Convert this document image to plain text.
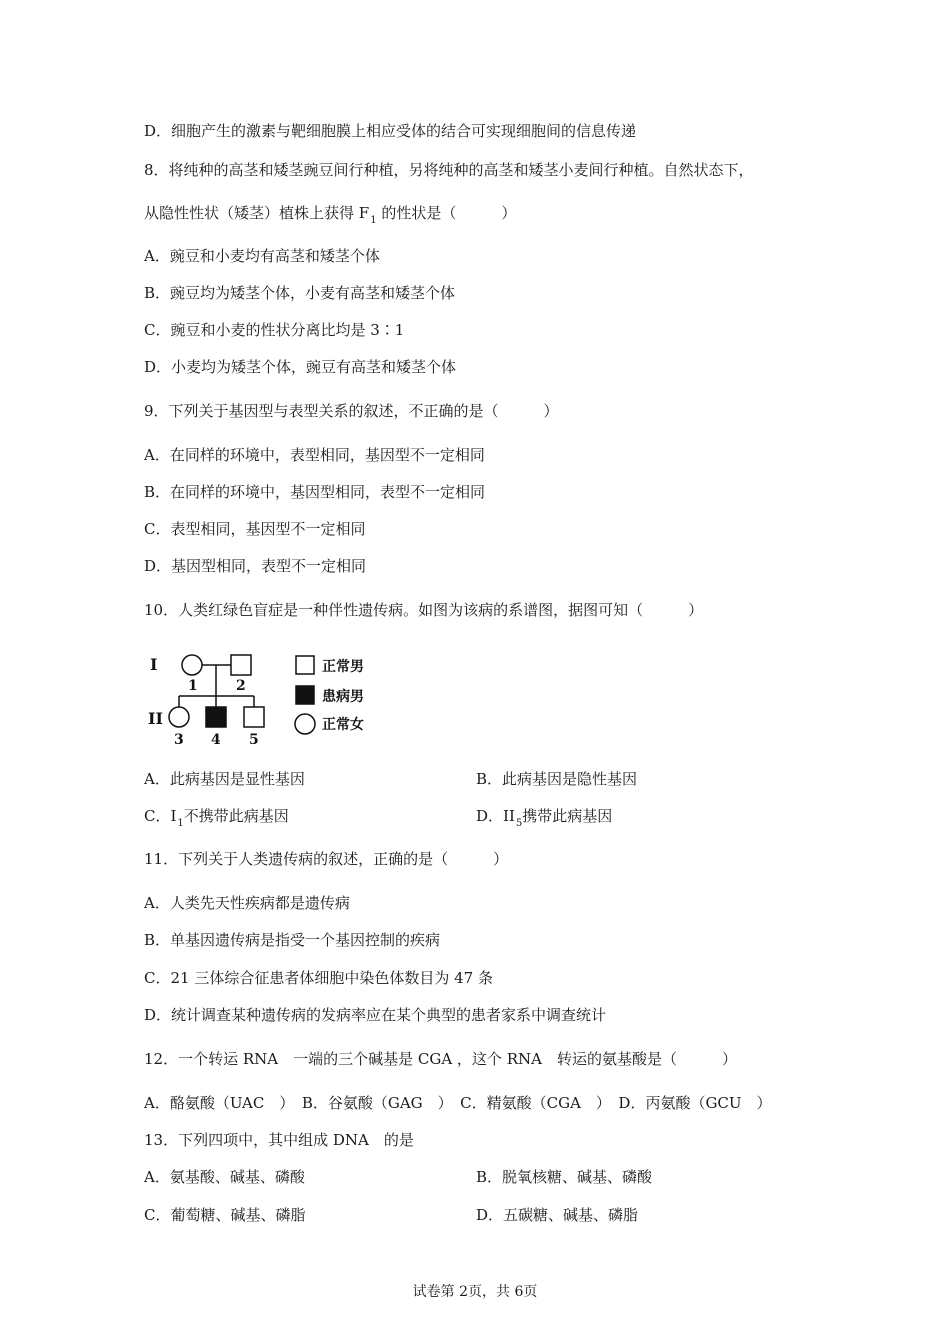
D．细胞产生的激素与靶细胞膜上相应受体的结合可实现细胞间的信息传递
8．将纯种的高茎和矮茎豌豆间行种植，另将纯种的高茎和矮茎小麦间行种植。自然状态下，
从隐性性状（矮茎）植株上获得 $F_1$ 的性状是（　　　）
A．豌豆和小麦均有高茎和矮茎个体
B．豌豆均为矮茎个体，小麦有高茎和矮茎个体
C．豌豆和小麦的性状分离比均是 3∶1
D．小麦均为矮茎个体，豌豆有高茎和矮茎个体
9．下列关于基因型与表型关系的叙述，不正确的是（　　　）
A．在同样的环境中，表型相同，基因型不一定相同
B．在同样的环境中，基因型相同，表型不一定相同
C．表型相同，基因型不一定相同
D．基因型相同，表型不一定相同
10．人类红绿色盲症是一种伴性遗传病。如图为该病的系谱图，据图可知（　　　）
I
II
1	2
3 4 5
正常男
患病男
正常女
A．此病基因是显性基因	B．此病基因是隐性基因
C．$I_1$不携带此病基因	D．$II_5$携带此病基因
11．下列关于人类遗传病的叙述，正确的是（　　　）
A．人类先天性疾病都是遗传病
B．单基因遗传病是指受一个基因控制的疾病
C．21 三体综合征患者体细胞中染色体数目为 47 条
D．统计调查某种遗传病的发病率应在某个典型的患者家系中调查统计
12．一个转运 RNA　一端的三个碱基是 CGA ，这个 RNA　转运的氨基酸是（　　　）
A．酪氨酸（UAC　）　B．谷氨酸（GAG　）　C．精氨酸（CGA　）　D．丙氨酸（GCU　）
13．下列四项中，其中组成 DNA　的是
A．氨基酸、碱基、磷酸	B．脱氧核糖、碱基、磷酸
C．葡萄糖、碱基、磷脂	D．五碳糖、碱基、磷脂
试卷第 2页，共 6页
